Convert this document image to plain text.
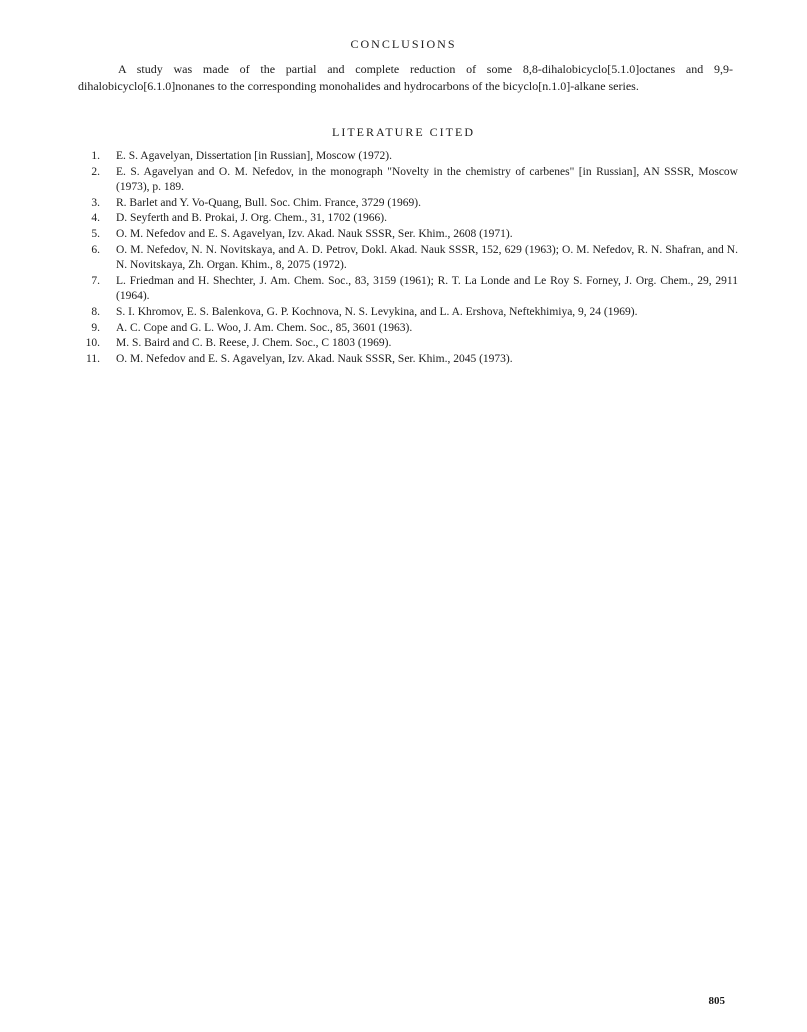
CONCLUSIONS

A study was made of the partial and complete reduction of some 8,8-dihalobicyclo[5.1.0]octanes and 9,9-dihalobicyclo[6.1.0]nonanes to the corresponding monohalides and hydrocarbons of the bicyclo[n.1.0]-alkane series.

LITERATURE CITED
1. E. S. Agavelyan, Dissertation [in Russian], Moscow (1972).
2. E. S. Agavelyan and O. M. Nefedov, in the monograph "Novelty in the chemistry of carbenes" [in Russian], AN SSSR, Moscow (1973), p. 189.
3. R. Barlet and Y. Vo-Quang, Bull. Soc. Chim. France, 3729 (1969).
4. D. Seyferth and B. Prokai, J. Org. Chem., 31, 1702 (1966).
5. O. M. Nefedov and E. S. Agavelyan, Izv. Akad. Nauk SSSR, Ser. Khim., 2608 (1971).
6. O. M. Nefedov, N. N. Novitskaya, and A. D. Petrov, Dokl. Akad. Nauk SSSR, 152, 629 (1963); O. M. Nefedov, R. N. Shafran, and N. N. Novitskaya, Zh. Organ. Khim., 8, 2075 (1972).
7. L. Friedman and H. Shechter, J. Am. Chem. Soc., 83, 3159 (1961); R. T. La Londe and Le Roy S. Forney, J. Org. Chem., 29, 2911 (1964).
8. S. I. Khromov, E. S. Balenkova, G. P. Kochnova, N. S. Levykina, and L. A. Ershova, Neftekhimiya, 9, 24 (1969).
9. A. C. Cope and G. L. Woo, J. Am. Chem. Soc., 85, 3601 (1963).
10. M. S. Baird and C. B. Reese, J. Chem. Soc., C 1803 (1969).
11. O. M. Nefedov and E. S. Agavelyan, Izv. Akad. Nauk SSSR, Ser. Khim., 2045 (1973).
805
